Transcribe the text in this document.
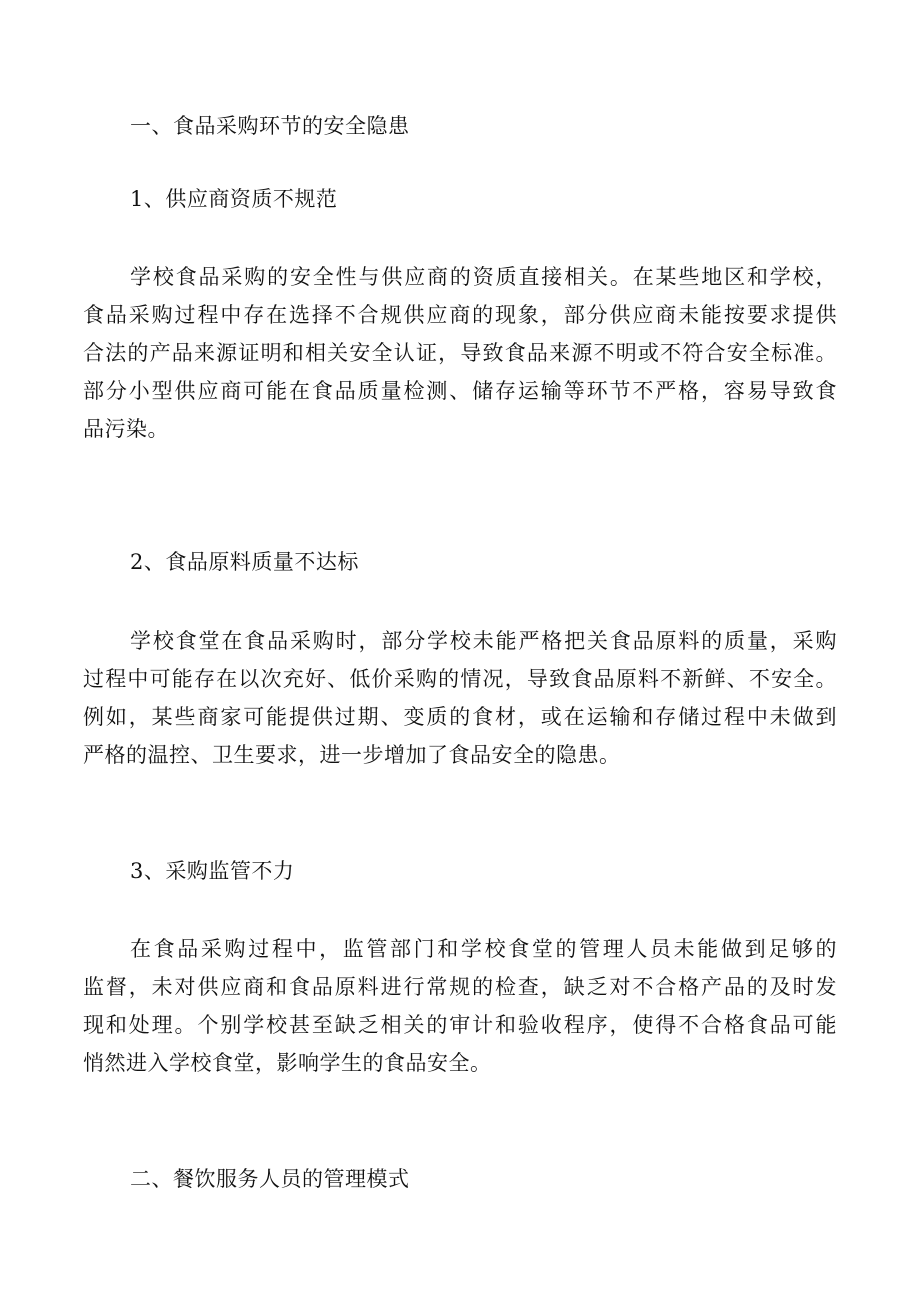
一、食品采购环节的安全隐患
1、供应商资质不规范
学校食品采购的安全性与供应商的资质直接相关。在某些地区和学校，
食品采购过程中存在选择不合规供应商的现象，部分供应商未能按要求提供
合法的产品来源证明和相关安全认证，导致食品来源不明或不符合安全标准。
部分小型供应商可能在食品质量检测、储存运输等环节不严格，容易导致食
品污染。
2、食品原料质量不达标
学校食堂在食品采购时，部分学校未能严格把关食品原料的质量，采购
过程中可能存在以次充好、低价采购的情况，导致食品原料不新鲜、不安全。
例如，某些商家可能提供过期、变质的食材，或在运输和存储过程中未做到
严格的温控、卫生要求，进一步增加了食品安全的隐患。
3、采购监管不力
在食品采购过程中，监管部门和学校食堂的管理人员未能做到足够的
监督，未对供应商和食品原料进行常规的检查，缺乏对不合格产品的及时发
现和处理。个别学校甚至缺乏相关的审计和验收程序，使得不合格食品可能
悄然进入学校食堂，影响学生的食品安全。
二、餐饮服务人员的管理模式
